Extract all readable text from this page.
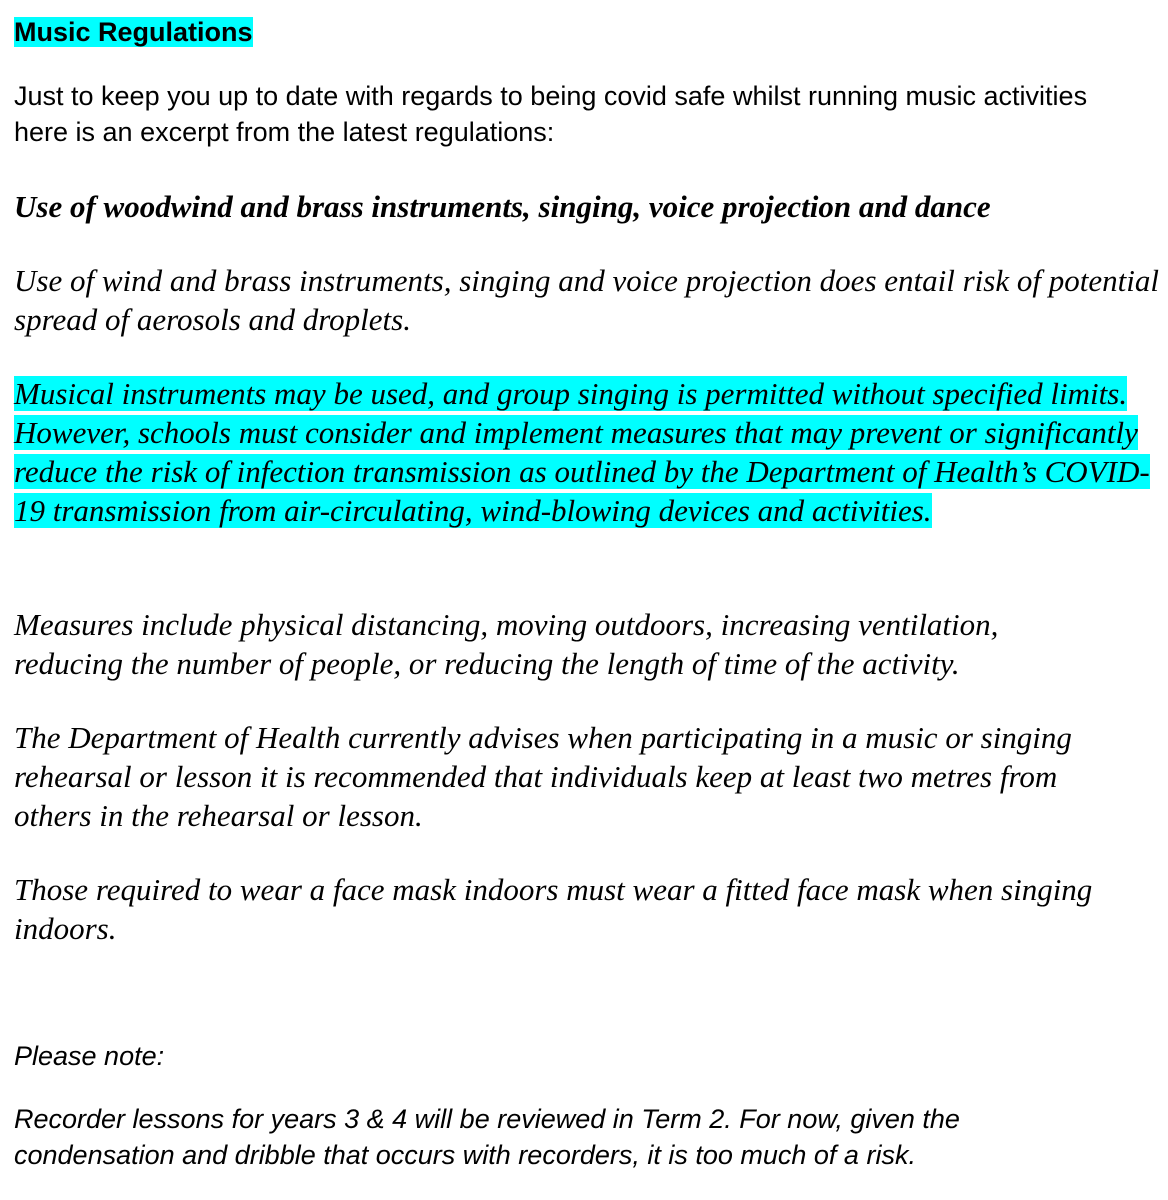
Music Regulations

Just to keep you up to date with regards to being covid safe whilst running music activities here is an excerpt from the latest regulations:

Use of woodwind and brass instruments, singing, voice projection and dance

Use of wind and brass instruments, singing and voice projection does entail risk of potential spread of aerosols and droplets.

Musical instruments may be used, and group singing is permitted without specified limits. However, schools must consider and implement measures that may prevent or significantly reduce the risk of infection transmission as outlined by the Department of Health’s COVID-19 transmission from air-circulating, wind-blowing devices and activities.

Measures include physical distancing, moving outdoors, increasing ventilation, reducing the number of people, or reducing the length of time of the activity.

The Department of Health currently advises when participating in a music or singing rehearsal or lesson it is recommended that individuals keep at least two metres from others in the rehearsal or lesson.

Those required to wear a face mask indoors must wear a fitted face mask when singing indoors.

Please note:

Recorder lessons for years 3 & 4 will be reviewed in Term 2. For now, given the condensation and dribble that occurs with recorders, it is too much of a risk.
